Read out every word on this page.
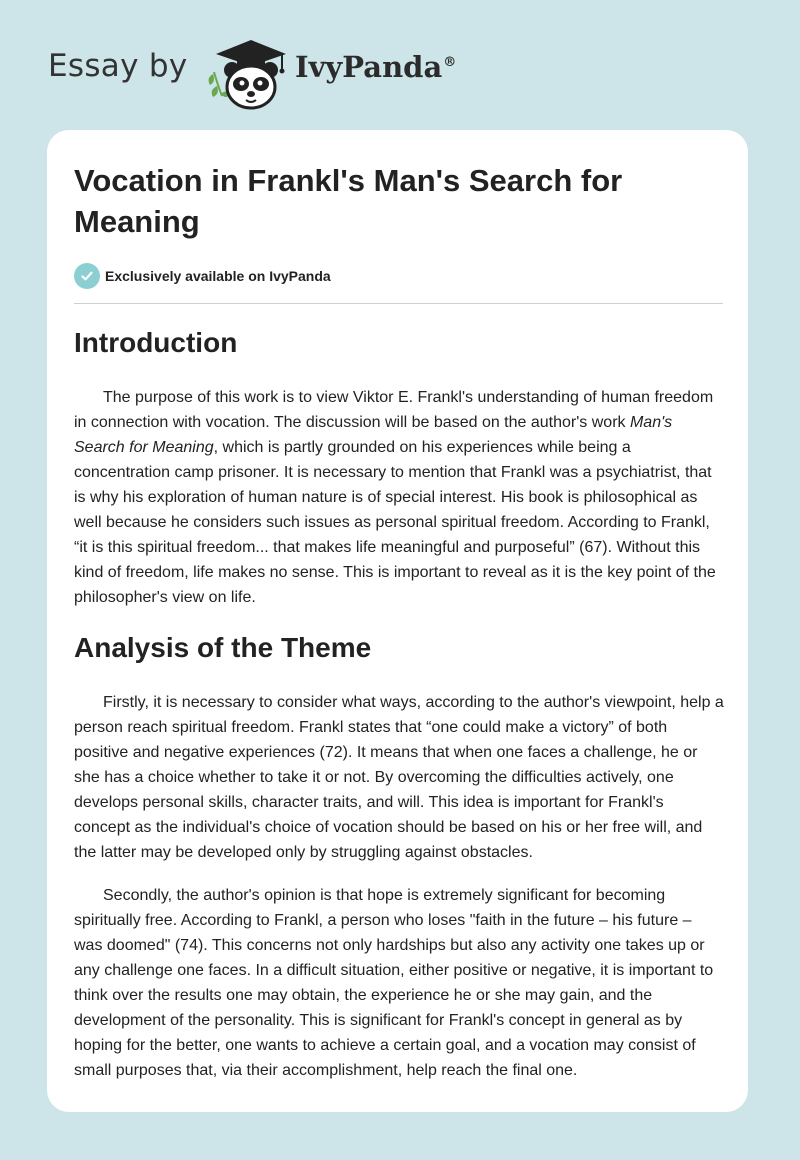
Essay by	IvyPanda®
Vocation in Frankl's Man's Search for Meaning
Exclusively available on IvyPanda
Introduction

The purpose of this work is to view Viktor E. Frankl's understanding of human freedom in connection with vocation. The discussion will be based on the author's work Man's Search for Meaning, which is partly grounded on his experiences while being a concentration camp prisoner. It is necessary to mention that Frankl was a psychiatrist, that is why his exploration of human nature is of special interest. His book is philosophical as well because he considers such issues as personal spiritual freedom. According to Frankl, “it is this spiritual freedom... that makes life meaningful and purposeful” (67). Without this kind of freedom, life makes no sense. This is important to reveal as it is the key point of the philosopher's view on life.

Analysis of the Theme

Firstly, it is necessary to consider what ways, according to the author's viewpoint, help a person reach spiritual freedom. Frankl states that “one could make a victory” of both positive and negative experiences (72). It means that when one faces a challenge, he or she has a choice whether to take it or not. By overcoming the difficulties actively, one develops personal skills, character traits, and will. This idea is important for Frankl's concept as the individual's choice of vocation should be based on his or her free will, and the latter may be developed only by struggling against obstacles.

Secondly, the author's opinion is that hope is extremely significant for becoming spiritually free. According to Frankl, a person who loses "faith in the future – his future – was doomed" (74). This concerns not only hardships but also any activity one takes up or any challenge one faces. In a difficult situation, either positive or negative, it is important to think over the results one may obtain, the experience he or she may gain, and the development of the personality. This is significant for Frankl's concept in general as by hoping for the better, one wants to achieve a certain goal, and a vocation may consist of small purposes that, via their accomplishment, help reach the final one.
